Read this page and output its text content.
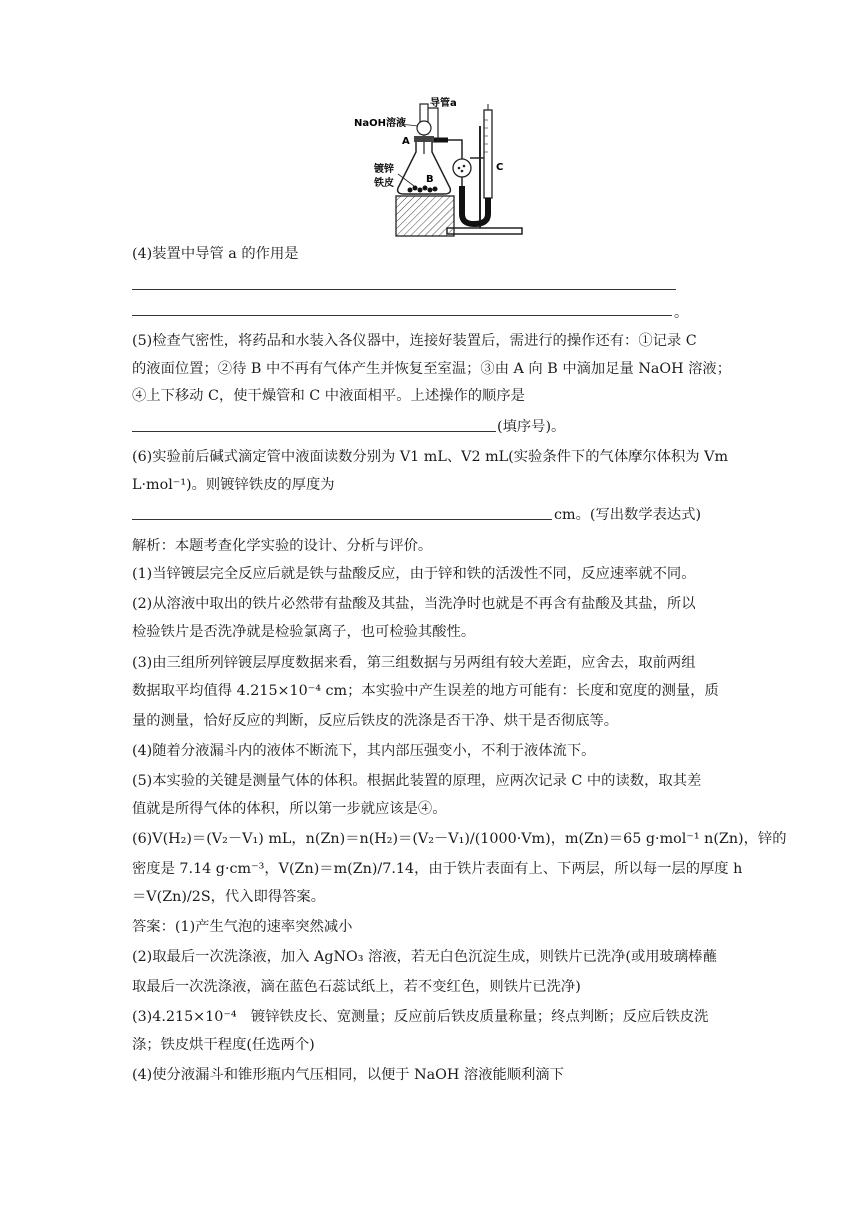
导管a
NaOH溶液
A
B
C
镀锌
铁皮
(4)装置中导管 a 的作用是
。
(5)检查气密性，将药品和水装入各仪器中，连接好装置后，需进行的操作还有：①记录 C
的液面位置；②待 B 中不再有气体产生并恢复至室温；③由 A 向 B 中滴加足量 NaOH 溶液；
④上下移动 C，使干燥管和 C 中液面相平。上述操作的顺序是
(填序号)。
(6)实验前后碱式滴定管中液面读数分别为 V1 mL、V2 mL(实验条件下的气体摩尔体积为 Vm
L·mol⁻¹)。则镀锌铁皮的厚度为
cm。(写出数学表达式)
解析：本题考查化学实验的设计、分析与评价。
(1)当锌镀层完全反应后就是铁与盐酸反应，由于锌和铁的活泼性不同，反应速率就不同。
(2)从溶液中取出的铁片必然带有盐酸及其盐，当洗净时也就是不再含有盐酸及其盐，所以
检验铁片是否洗净就是检验氯离子，也可检验其酸性。
(3)由三组所列锌镀层厚度数据来看，第三组数据与另两组有较大差距，应舍去，取前两组
数据取平均值得 4.215×10⁻⁴ cm；本实验中产生误差的地方可能有：长度和宽度的测量，质
量的测量，恰好反应的判断，反应后铁皮的洗涤是否干净、烘干是否彻底等。
(4)随着分液漏斗内的液体不断流下，其内部压强变小，不利于液体流下。
(5)本实验的关键是测量气体的体积。根据此装置的原理，应两次记录 C 中的读数，取其差
值就是所得气体的体积，所以第一步就应该是④。
(6)V(H₂)＝(V₂－V₁) mL，n(Zn)＝n(H₂)＝(V₂－V₁)/(1000·Vm)，m(Zn)＝65 g·mol⁻¹ n(Zn)，锌的
密度是 7.14 g·cm⁻³，V(Zn)＝m(Zn)/7.14，由于铁片表面有上、下两层，所以每一层的厚度 h
＝V(Zn)/2S，代入即得答案。
答案：(1)产生气泡的速率突然减小
(2)取最后一次洗涤液，加入 AgNO₃ 溶液，若无白色沉淀生成，则铁片已洗净(或用玻璃棒蘸
取最后一次洗涤液，滴在蓝色石蕊试纸上，若不变红色，则铁片已洗净)
(3)4.215×10⁻⁴　镀锌铁皮长、宽测量；反应前后铁皮质量称量；终点判断；反应后铁皮洗
涤；铁皮烘干程度(任选两个)
(4)使分液漏斗和锥形瓶内气压相同，以便于 NaOH 溶液能顺利滴下
